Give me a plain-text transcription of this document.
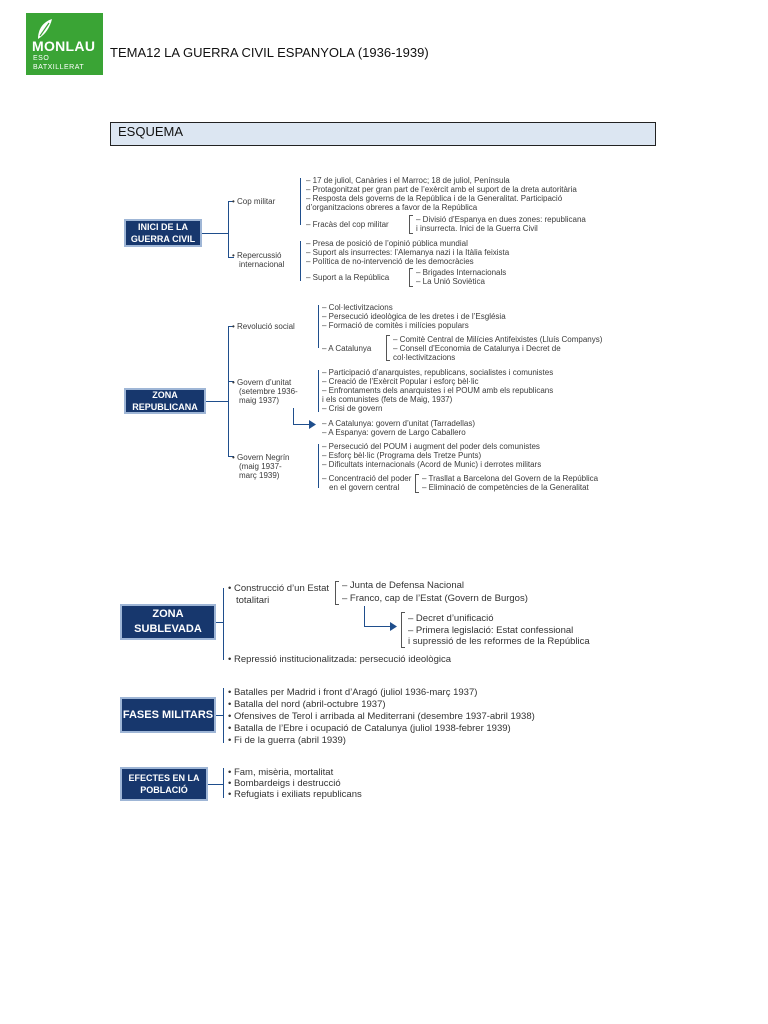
MONLAU
ESO
BATXILLERAT
TEMA12 LA GUERRA CIVIL ESPANYOLA (1936-1939)
ESQUEMA
INICI DE LA GUERRA CIVIL
• Cop militar
– 17 de juliol, Canàries i el Marroc; 18 de juliol, Península
– Protagonitzat per gran part de l’exèrcit amb el suport de la dreta autoritària
– Resposta dels governs de la República i de la Generalitat. Participació
d’organitzacions obreres a favor de la República
– Fracàs del cop militar
– Divisió d’Espanya en dues zones: republicana
i insurrecta. Inici de la Guerra Civil
• Repercussió
internacional
– Presa de posició de l’opinió pública mundial
– Suport als insurrectes: l’Alemanya nazi i la Itàlia feixista
– Política de no-intervenció de les democràcies
– Suport a la República
– Brigades Internacionals
– La Unió Soviètica
ZONA REPUBLICANA
• Revolució social
– Col·lectivitzacions
– Persecució ideològica de les dretes i de l’Església
– Formació de comitès i milícies populars
– A Catalunya
– Comitè Central de Milícies Antifeixistes (Lluís Companys)
– Consell d’Economia de Catalunya i Decret de
col·lectivitzacions
• Govern d’unitat
(setembre 1936-
maig 1937)
– Participació d’anarquistes, republicans, socialistes i comunistes
– Creació de l’Exèrcit Popular i esforç bèl·lic
– Enfrontaments dels anarquistes i el POUM amb els republicans
i els comunistes (fets de Maig, 1937)
– Crisi de govern
– A Catalunya: govern d’unitat (Tarradellas)
– A Espanya: govern de Largo Caballero
• Govern Negrín
(maig 1937-
març 1939)
– Persecució del POUM i augment del poder dels comunistes
– Esforç bèl·lic (Programa dels Tretze Punts)
– Dificultats internacionals (Acord de Munic) i derrotes militars
– Concentració del poder
en el govern central
– Trasllat a Barcelona del Govern de la República
– Eliminació de competències de la Generalitat
ZONA SUBLEVADA
• Construcció d’un Estat
totalitari
– Junta de Defensa Nacional
– Franco, cap de l’Estat (Govern de Burgos)
– Decret d’unificació
– Primera legislació: Estat confessional
i supressió de les reformes de la República
• Repressió institucionalitzada: persecució ideològica
FASES MILITARS
• Batalles per Madrid i front d’Aragó (juliol 1936-març 1937)
• Batalla del nord (abril-octubre 1937)
• Ofensives de Terol i arribada al Mediterrani (desembre 1937-abril 1938)
• Batalla de l’Ebre i ocupació de Catalunya (juliol 1938-febrer 1939)
• Fi de la guerra (abril 1939)
EFECTES EN LA POBLACIÓ
• Fam, misèria, mortalitat
• Bombardeigs i destrucció
• Refugiats i exiliats republicans
